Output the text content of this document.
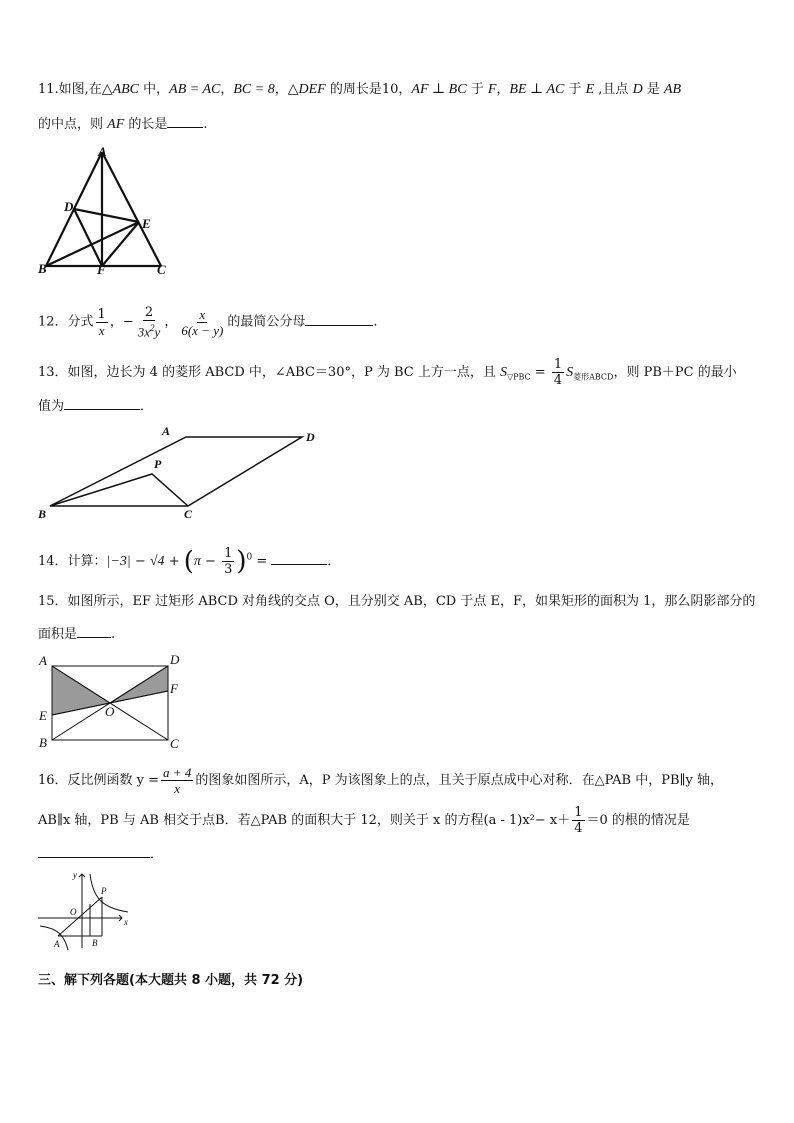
11.如图,在△ABC 中，AB = AC，BC = 8，△DEF 的周长是10，AF ⊥ BC 于 F，BE ⊥ AC 于 E ,且点 D 是 AB
的中点，则 AF 的长是	.
A
D
E
B	F	C
12．分式 $\frac{1}{x}$ ，− $\frac{2}{3x^2y}$ ， $\frac{x}{6(x - y)}$ 的最简公分母	.
13．如图，边长为 4 的菱形 ABCD 中，∠ABC＝30°，P 为 BC 上方一点，且 $S_{▽PBC} = \frac{1}{4} S_{菱形ABCD}$，则 PB＋PC 的最小
值为	．
A	D
P
B	C
14．计算：$|-3| - √4 + (\pi - \frac{1}{3} )^0$ =	．
15．如图所示，EF 过矩形 ABCD 对角线的交点 O，且分别交 AB，CD 于点 E，F，如果矩形的面积为 1，那么阴影部分的
面积是	.
A	D
F
E	O
B	C
16．反比例函数 $y = \frac{a + 4}{x}$ 的图象如图所示，A，P 为该图象上的点，且关于原点成中心对称．在△PAB 中，PB∥y 轴，
AB∥x 轴，PB 与 AB 相交于点B．若△PAB 的面积大于 12，则关于 x 的方程$(a - 1)x^2- x+ \frac{1}{4} =0$ 的根的情况是
．
y
P
O
x
A	B
三、解下列各题(本大题共 8 小题，共 72 分)
